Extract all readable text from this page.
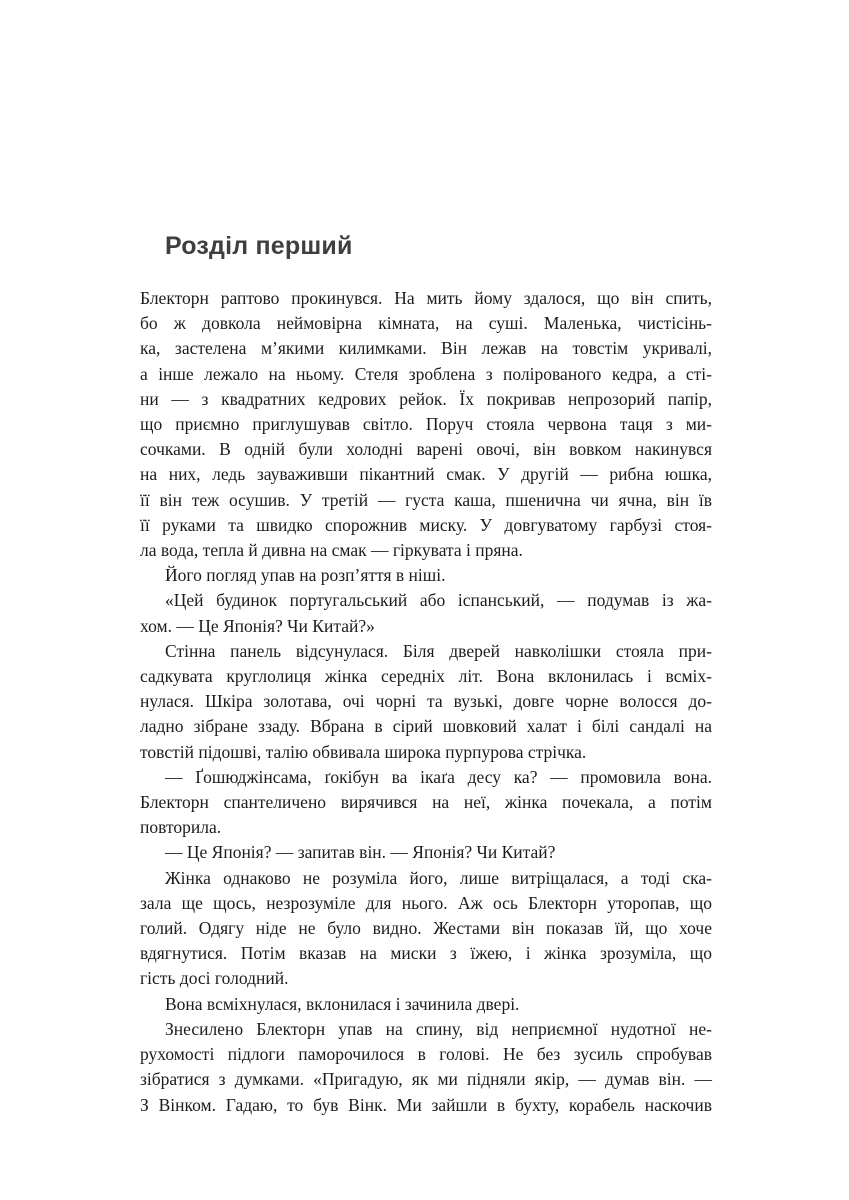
Розділ перший
Блекторн раптово прокинувся. На мить йому здалося, що він спить,
бо ж довкола неймовірна кімната, на суші. Маленька, чистісінь-
ка, застелена м’якими килимками. Він лежав на товстім укривалі,
а інше лежало на ньому. Стеля зроблена з полірованого кедра, а сті-
ни — з квадратних кедрових рейок. Їх покривав непрозорий папір,
що приємно приглушував світло. Поруч стояла червона таця з ми-
сочками. В одній були холодні варені овочі, він вовком накинувся
на них, ледь зауваживши пікантний смак. У другій — рибна юшка,
її він теж осушив. У третій — густа каша, пшенична чи ячна, він їв
її руками та швидко спорожнив миску. У довгуватому гарбузі стоя-
ла вода, тепла й дивна на смак — гіркувата і пряна.
Його погляд упав на розп’яття в ніші.
«Цей будинок португальський або іспанський, — подумав із жа-
хом. — Це Японія? Чи Китай?»
Стінна панель відсунулася. Біля дверей навколішки стояла при-
садкувата круглолиця жінка середніх літ. Вона вклонилась і всміх-
нулася. Шкіра золотава, очі чорні та вузькі, довге чорне волосся до-
ладно зібране ззаду. Вбрана в сірий шовковий халат і білі сандалі на
товстій підошві, талію обвивала широка пурпурова стрічка.
— Ґошюджінсама, ґокібун ва ікаґа десу ка? — промовила вона.
Блекторн спантеличено вирячився на неї, жінка почекала, а потім
повторила.
— Це Японія? — запитав він. — Японія? Чи Китай?
Жінка однаково не розуміла його, лише витріщалася, а тоді ска-
зала ще щось, незрозуміле для нього. Аж ось Блекторн уторопав, що
голий. Одягу ніде не було видно. Жестами він показав їй, що хоче
вдягнутися. Потім вказав на миски з їжею, і жінка зрозуміла, що
гість досі голодний.
Вона всміхнулася, вклонилася і зачинила двері.
Знесилено Блекторн упав на спину, від неприємної нудотної не-
рухомості підлоги паморочилося в голові. Не без зусиль спробував
зібратися з думками. «Пригадую, як ми підняли якір, — думав він. —
З Вінком. Гадаю, то був Вінк. Ми зайшли в бухту, корабель наскочив
